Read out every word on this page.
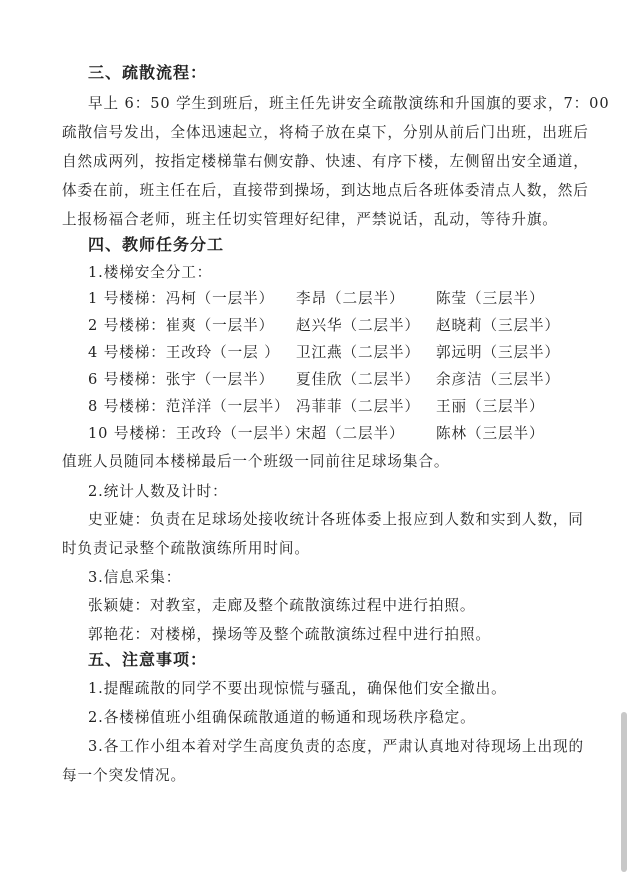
三、疏散流程：
早上 6：50 学生到班后，班主任先讲安全疏散演练和升国旗的要求，7：00
疏散信号发出，全体迅速起立，将椅子放在桌下，分别从前后门出班，出班后
自然成两列，按指定楼梯靠右侧安静、快速、有序下楼，左侧留出安全通道，
体委在前，班主任在后，直接带到操场，到达地点后各班体委清点人数，然后
上报杨福合老师，班主任切实管理好纪律，严禁说话，乱动，等待升旗。
四、教师任务分工
1.楼梯安全分工：
1 号楼梯：冯柯（一层半） 李昂（二层半） 陈莹（三层半）
2 号楼梯：崔爽（一层半） 赵兴华（二层半） 赵晓莉（三层半）
4 号楼梯：王改玲（一层 ） 卫江燕（二层半） 郭远明（三层半）
6 号楼梯：张宇（一层半） 夏佳欣（二层半） 余彦洁（三层半）
8 号楼梯：范洋洋（一层半） 冯菲菲（二层半） 王丽（三层半）
10 号楼梯：王改玲（一层半）
宋超（二层半） 陈林（三层半）
值班人员随同本楼梯最后一个班级一同前往足球场集合。
2.统计人数及计时：
史亚婕：负责在足球场处接收统计各班体委上报应到人数和实到人数，同
时负责记录整个疏散演练所用时间。
3.信息采集：
张颖婕：对教室，走廊及整个疏散演练过程中进行拍照。
郭艳花：对楼梯，操场等及整个疏散演练过程中进行拍照。
五、注意事项：
1.提醒疏散的同学不要出现惊慌与骚乱，确保他们安全撤出。
2.各楼梯值班小组确保疏散通道的畅通和现场秩序稳定。
3.各工作小组本着对学生高度负责的态度，严肃认真地对待现场上出现的
每一个突发情况。
